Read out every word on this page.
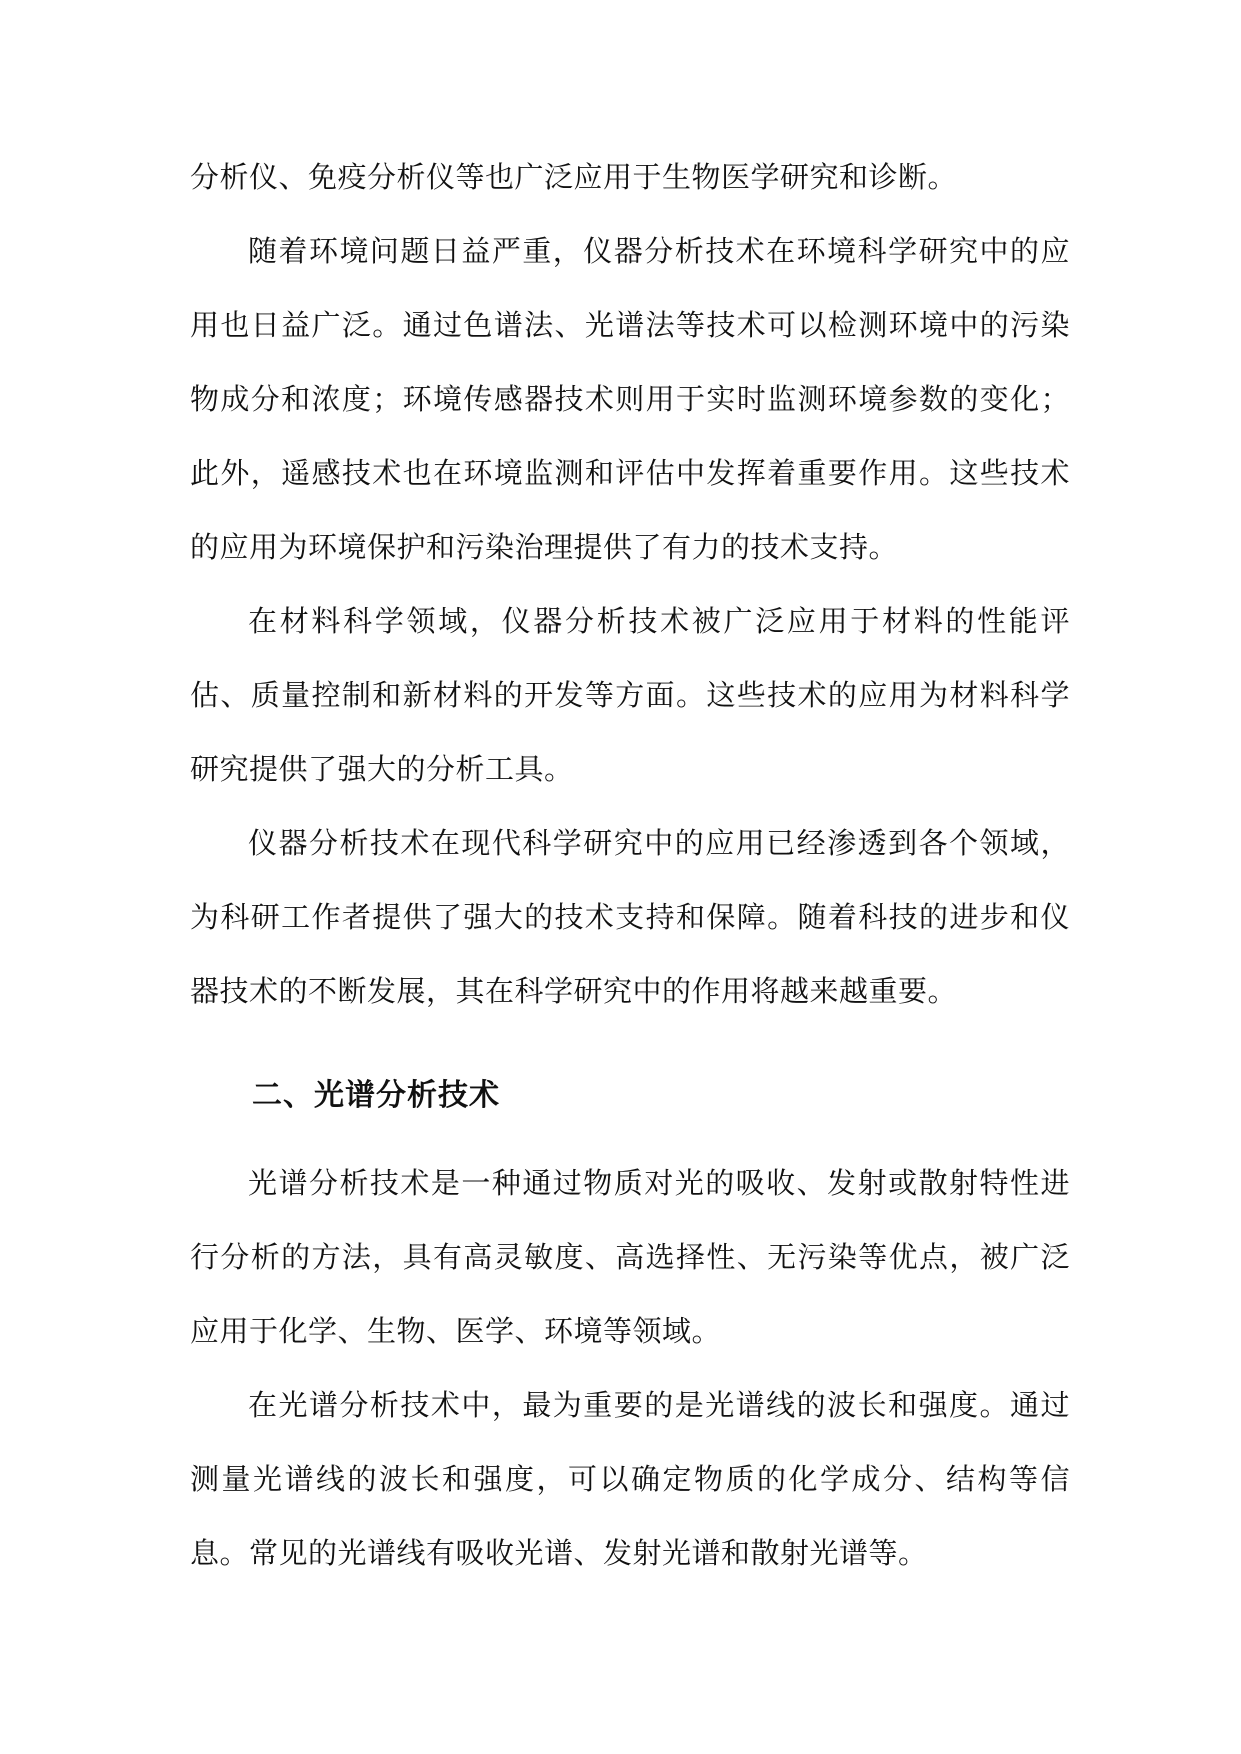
分析仪、免疫分析仪等也广泛应用于生物医学研究和诊断。

随着环境问题日益严重，仪器分析技术在环境科学研究中的应用也日益广泛。通过色谱法、光谱法等技术可以检测环境中的污染物成分和浓度；环境传感器技术则用于实时监测环境参数的变化；此外，遥感技术也在环境监测和评估中发挥着重要作用。这些技术的应用为环境保护和污染治理提供了有力的技术支持。

在材料科学领域，仪器分析技术被广泛应用于材料的性能评估、质量控制和新材料的开发等方面。这些技术的应用为材料科学研究提供了强大的分析工具。

仪器分析技术在现代科学研究中的应用已经渗透到各个领域，为科研工作者提供了强大的技术支持和保障。随着科技的进步和仪器技术的不断发展，其在科学研究中的作用将越来越重要。

二、光谱分析技术

光谱分析技术是一种通过物质对光的吸收、发射或散射特性进行分析的方法，具有高灵敏度、高选择性、无污染等优点，被广泛应用于化学、生物、医学、环境等领域。

在光谱分析技术中，最为重要的是光谱线的波长和强度。通过测量光谱线的波长和强度，可以确定物质的化学成分、结构等信息。常见的光谱线有吸收光谱、发射光谱和散射光谱等。
